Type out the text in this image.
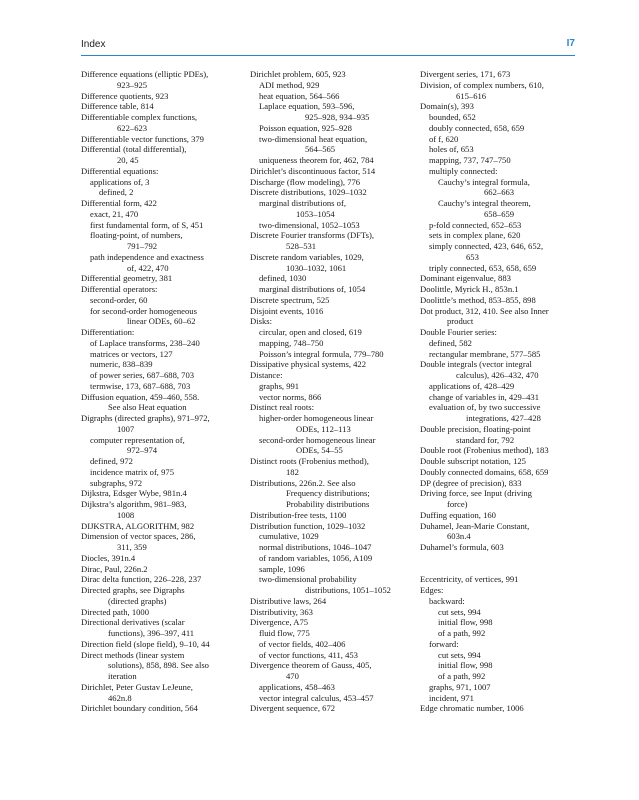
Index	I7
Difference equations (elliptic PDEs),
923–925
Difference quotients, 923
Difference table, 814
Differentiable complex functions,
622–623
Differentiable vector functions, 379
Differential (total differential),
20, 45
Differential equations:
applications of, 3
defined, 2
Differential form, 422
exact, 21, 470
first fundamental form, of S, 451
floating-point, of numbers,
791–792
path independence and exactness
of, 422, 470
Differential geometry, 381
Differential operators:
second-order, 60
for second-order homogeneous
linear ODEs, 60–62
Differentiation:
of Laplace transforms, 238–240
matrices or vectors, 127
numeric, 838–839
of power series, 687–688, 703
termwise, 173, 687–688, 703
Diffusion equation, 459–460, 558.
See also Heat equation
Digraphs (directed graphs), 971–972,
1007
computer representation of,
972–974
defined, 972
incidence matrix of, 975
subgraphs, 972
Dijkstra, Edsger Wybe, 981n.4
Dijkstra’s algorithm, 981–983,
1008
DIJKSTRA, ALGORITHM, 982
Dimension of vector spaces, 286,
311, 359
Diocles, 391n.4
Dirac, Paul, 226n.2
Dirac delta function, 226–228, 237
Directed graphs, see Digraphs
(directed graphs)
Directed path, 1000
Directional derivatives (scalar
functions), 396–397, 411
Direction field (slope field), 9–10, 44
Direct methods (linear system
solutions), 858, 898. See also
iteration
Dirichlet, Peter Gustav LeJeune,
462n.8
Dirichlet boundary condition, 564
Dirichlet problem, 605, 923
ADI method, 929
heat equation, 564–566
Laplace equation, 593–596,
925–928, 934–935
Poisson equation, 925–928
two-dimensional heat equation,
564–565
uniqueness theorem for, 462, 784
Dirichlet’s discontinuous factor, 514
Discharge (flow modeling), 776
Discrete distributions, 1029–1032
marginal distributions of,
1053–1054
two-dimensional, 1052–1053
Discrete Fourier transforms (DFTs),
528–531
Discrete random variables, 1029,
1030–1032, 1061
defined, 1030
marginal distributions of, 1054
Discrete spectrum, 525
Disjoint events, 1016
Disks:
circular, open and closed, 619
mapping, 748–750
Poisson’s integral formula, 779–780
Dissipative physical systems, 422
Distance:
graphs, 991
vector norms, 866
Distinct real roots:
higher-order homogeneous linear
ODEs, 112–113
second-order homogeneous linear
ODEs, 54–55
Distinct roots (Frobenius method),
182
Distributions, 226n.2. See also
Frequency distributions;
Probability distributions
Distribution-free tests, 1100
Distribution function, 1029–1032
cumulative, 1029
normal distributions, 1046–1047
of random variables, 1056, A109
sample, 1096
two-dimensional probability
distributions, 1051–1052
Distributive laws, 264
Distributivity, 363
Divergence, A75
fluid flow, 775
of vector fields, 402–406
of vector functions, 411, 453
Divergence theorem of Gauss, 405,
470
applications, 458–463
vector integral calculus, 453–457
Divergent sequence, 672
Divergent series, 171, 673
Division, of complex numbers, 610,
615–616
Domain(s), 393
bounded, 652
doubly connected, 658, 659
of f, 620
holes of, 653
mapping, 737, 747–750
multiply connected:
Cauchy’s integral formula,
662–663
Cauchy’s integral theorem,
658–659
p-fold connected, 652–653
sets in complex plane, 620
simply connected, 423, 646, 652,
653
triply connected, 653, 658, 659
Dominant eigenvalue, 883
Doolittle, Myrick H., 853n.1
Doolittle’s method, 853–855, 898
Dot product, 312, 410. See also Inner
product
Double Fourier series:
defined, 582
rectangular membrane, 577–585
Double integrals (vector integral
calculus), 426–432, 470
applications of, 428–429
change of variables in, 429–431
evaluation of, by two successive
integrations, 427–428
Double precision, floating-point
standard for, 792
Double root (Frobenius method), 183
Double subscript notation, 125
Doubly connected domains, 658, 659
DP (degree of precision), 833
Driving force, see Input (driving
force)
Duffing equation, 160
Duhamel, Jean-Marie Constant,
603n.4
Duhamel’s formula, 603
Eccentricity, of vertices, 991
Edges:
backward:
cut sets, 994
initial flow, 998
of a path, 992
forward:
cut sets, 994
initial flow, 998
of a path, 992
graphs, 971, 1007
incident, 971
Edge chromatic number, 1006
